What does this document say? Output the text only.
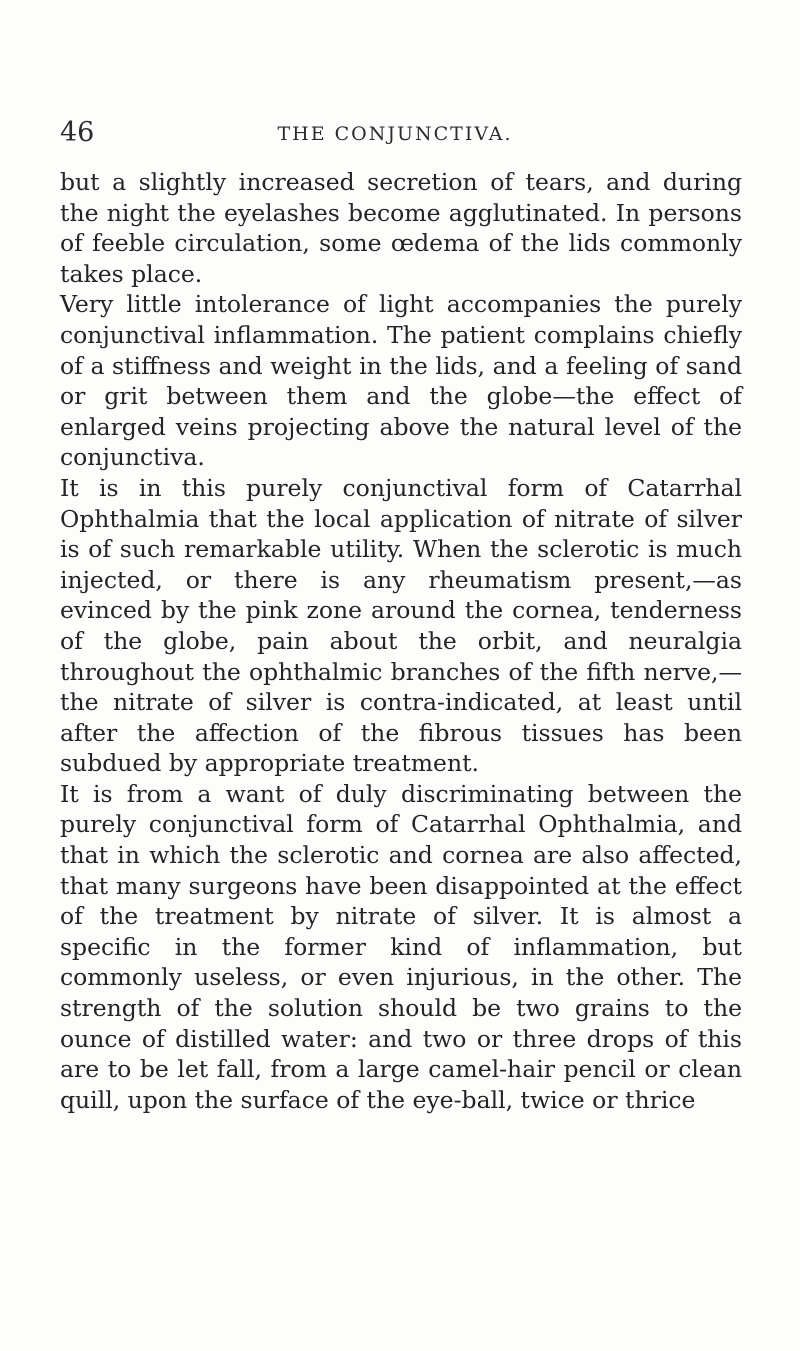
46	THE CONJUNCTIVA.

but a slightly increased secretion of tears, and during the night the eyelashes become agglutinated. In persons of feeble circulation, some œdema of the lids commonly takes place.

Very little intolerance of light accompanies the purely conjunctival inflammation. The patient complains chiefly of a stiffness and weight in the lids, and a feeling of sand or grit between them and the globe—the effect of enlarged veins projecting above the natural level of the conjunctiva.

It is in this purely conjunctival form of Catarrhal Ophthalmia that the local application of nitrate of silver is of such remarkable utility. When the sclerotic is much injected, or there is any rheumatism present,—as evinced by the pink zone around the cornea, tenderness of the globe, pain about the orbit, and neuralgia throughout the ophthalmic branches of the fifth nerve,—the nitrate of silver is contra-indicated, at least until after the affection of the fibrous tissues has been subdued by appropriate treatment.

It is from a want of duly discriminating between the purely conjunctival form of Catarrhal Ophthalmia, and that in which the sclerotic and cornea are also affected, that many surgeons have been disappointed at the effect of the treatment by nitrate of silver. It is almost a specific in the former kind of inflammation, but commonly useless, or even injurious, in the other. The strength of the solution should be two grains to the ounce of distilled water: and two or three drops of this are to be let fall, from a large camel-hair pencil or clean quill, upon the surface of the eye-ball, twice or thrice
